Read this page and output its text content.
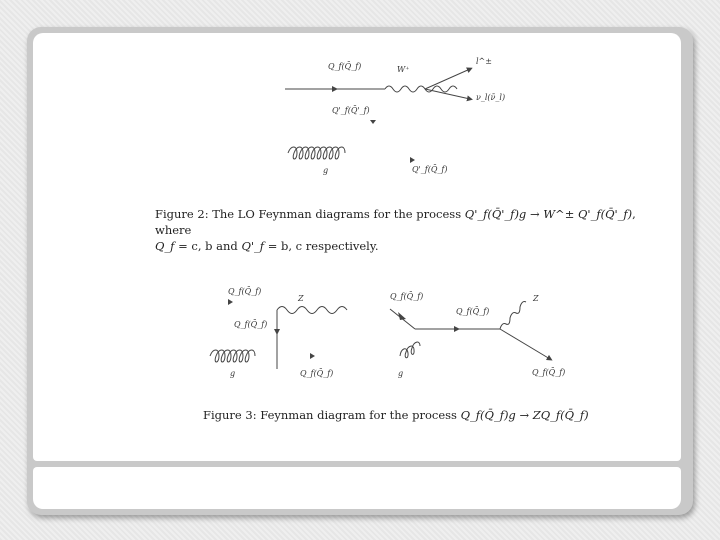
Q_f(Q̄_f)	W⁺
l^±
ν_l(ν̄_l)
Q'_f(Q̄'_f)
g	Q'_f(Q̄_f)
Figure 2: The LO Feynman diagrams for the process Q'_f(Q̄'_f)g → W^± Q'_f(Q̄'_f), where
Q_f = c, b and Q'_f = b, c respectively.
Q_f(Q̄_f)
Z
Q_f(Q̄_f)
g	Q_f(Q̄_f)
Q_f(Q̄_f)	Z
Q_f(Q̄_f)
g	Q_f(Q̄_f)
Figure 3: Feynman diagram for the process Q_f(Q̄_f)g → ZQ_f(Q̄_f)
